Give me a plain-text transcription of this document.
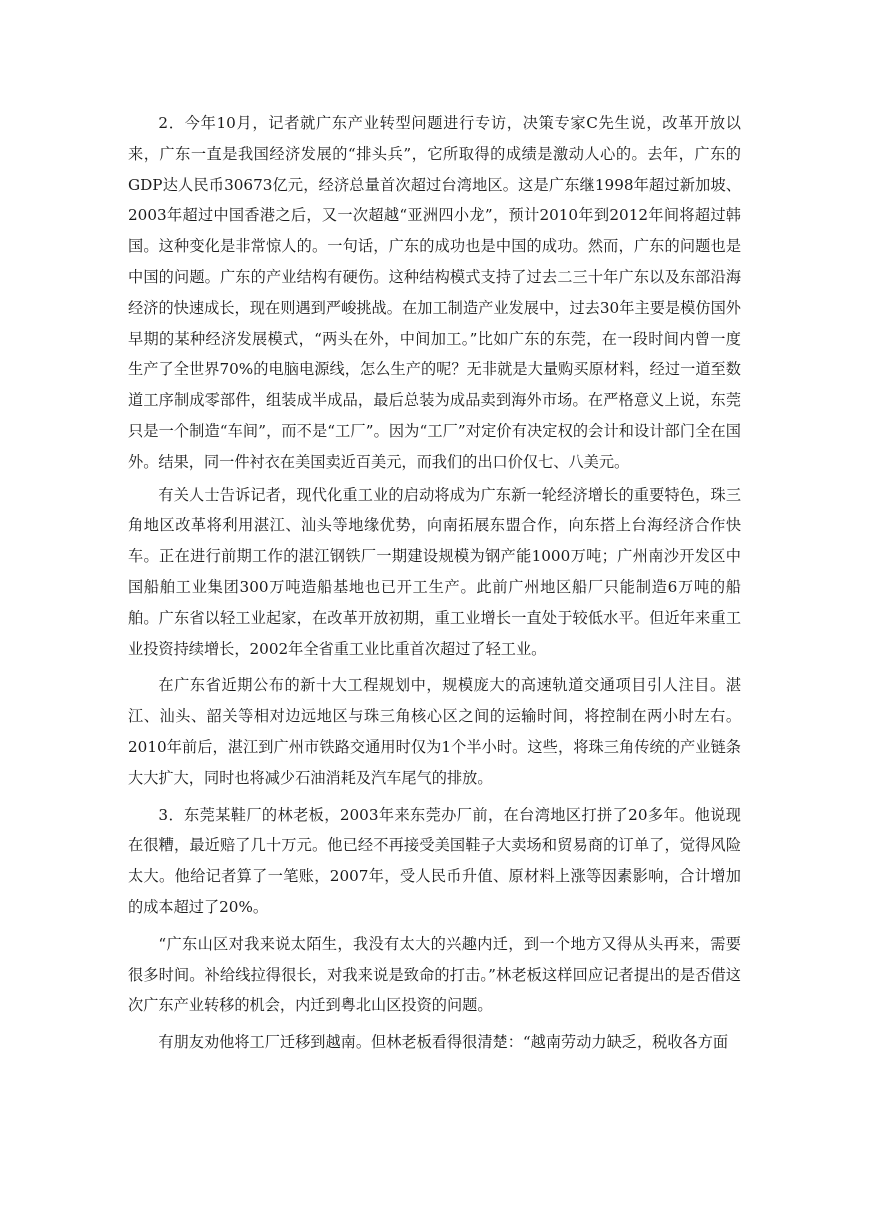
2．今年10月，记者就广东产业转型问题进行专访，决策专家C先生说，改革开放以来，广东一直是我国经济发展的“排头兵”，它所取得的成绩是激动人心的。去年，广东的GDP达人民币30673亿元，经济总量首次超过台湾地区。这是广东继1998年超过新加坡、2003年超过中国香港之后，又一次超越“亚洲四小龙”，预计2010年到2012年间将超过韩国。这种变化是非常惊人的。一句话，广东的成功也是中国的成功。然而，广东的问题也是中国的问题。广东的产业结构有硬伤。这种结构模式支持了过去二三十年广东以及东部沿海经济的快速成长，现在则遇到严峻挑战。在加工制造产业发展中，过去30年主要是模仿国外早期的某种经济发展模式，“两头在外，中间加工。”比如广东的东莞，在一段时间内曾一度生产了全世界70%的电脑电源线，怎么生产的呢？无非就是大量购买原材料，经过一道至数道工序制成零部件，组装成半成品，最后总装为成品卖到海外市场。在严格意义上说，东莞只是一个制造“车间”，而不是“工厂”。因为“工厂”对定价有决定权的会计和设计部门全在国外。结果，同一件衬衣在美国卖近百美元，而我们的出口价仅七、八美元。

有关人士告诉记者，现代化重工业的启动将成为广东新一轮经济增长的重要特色，珠三角地区改革将利用湛江、汕头等地缘优势，向南拓展东盟合作，向东搭上台海经济合作快车。正在进行前期工作的湛江钢铁厂一期建设规模为钢产能1000万吨；广州南沙开发区中国船舶工业集团300万吨造船基地也已开工生产。此前广州地区船厂只能制造6万吨的船舶。广东省以轻工业起家，在改革开放初期，重工业增长一直处于较低水平。但近年来重工业投资持续增长，2002年全省重工业比重首次超过了轻工业。

在广东省近期公布的新十大工程规划中，规模庞大的高速轨道交通项目引人注目。湛江、汕头、韶关等相对边远地区与珠三角核心区之间的运输时间，将控制在两小时左右。2010年前后，湛江到广州市铁路交通用时仅为1个半小时。这些，将珠三角传统的产业链条大大扩大，同时也将减少石油消耗及汽车尾气的排放。

3．东莞某鞋厂的林老板，2003年来东莞办厂前，在台湾地区打拼了20多年。他说现在很糟，最近赔了几十万元。他已经不再接受美国鞋子大卖场和贸易商的订单了，觉得风险太大。他给记者算了一笔账，2007年，受人民币升值、原材料上涨等因素影响，合计增加的成本超过了20%。

“广东山区对我来说太陌生，我没有太大的兴趣内迁，到一个地方又得从头再来，需要很多时间。补给线拉得很长，对我来说是致命的打击。”林老板这样回应记者提出的是否借这次广东产业转移的机会，内迁到粤北山区投资的问题。

有朋友劝他将工厂迁移到越南。但林老板看得很清楚：“越南劳动力缺乏，税收各方面
